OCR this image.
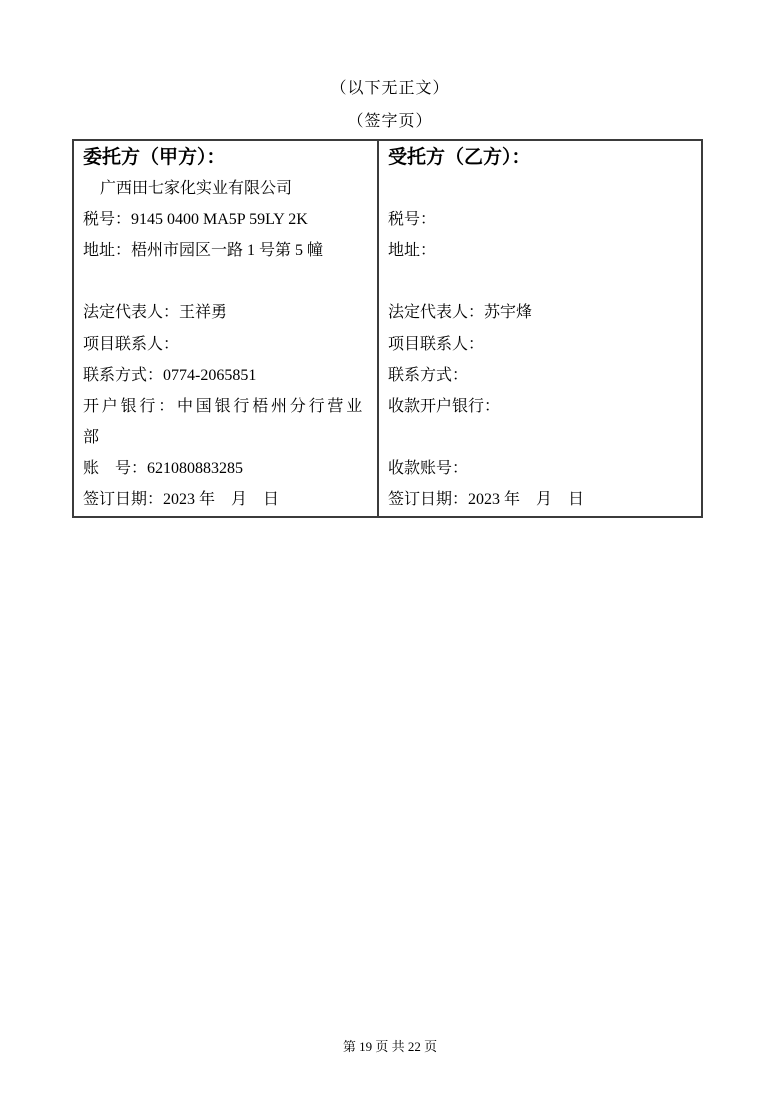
（以下无正文）
（签字页）
委托方（甲方）：
广西田七家化实业有限公司
税号：9145 0400 MA5P 59LY 2K
地址：梧州市园区一路 1 号第 5 幢
法定代表人：王祥勇
项目联系人：
联系方式：0774-2065851
开户银行：中国银行梧州分行营业
部
账　号：621080883285
签订日期：2023 年　月　日
受托方（乙方）：
税号：
地址：
法定代表人：苏宇烽
项目联系人：
联系方式：
收款开户银行：
收款账号：
签订日期：2023 年　月　日
第 19 页 共 22 页
